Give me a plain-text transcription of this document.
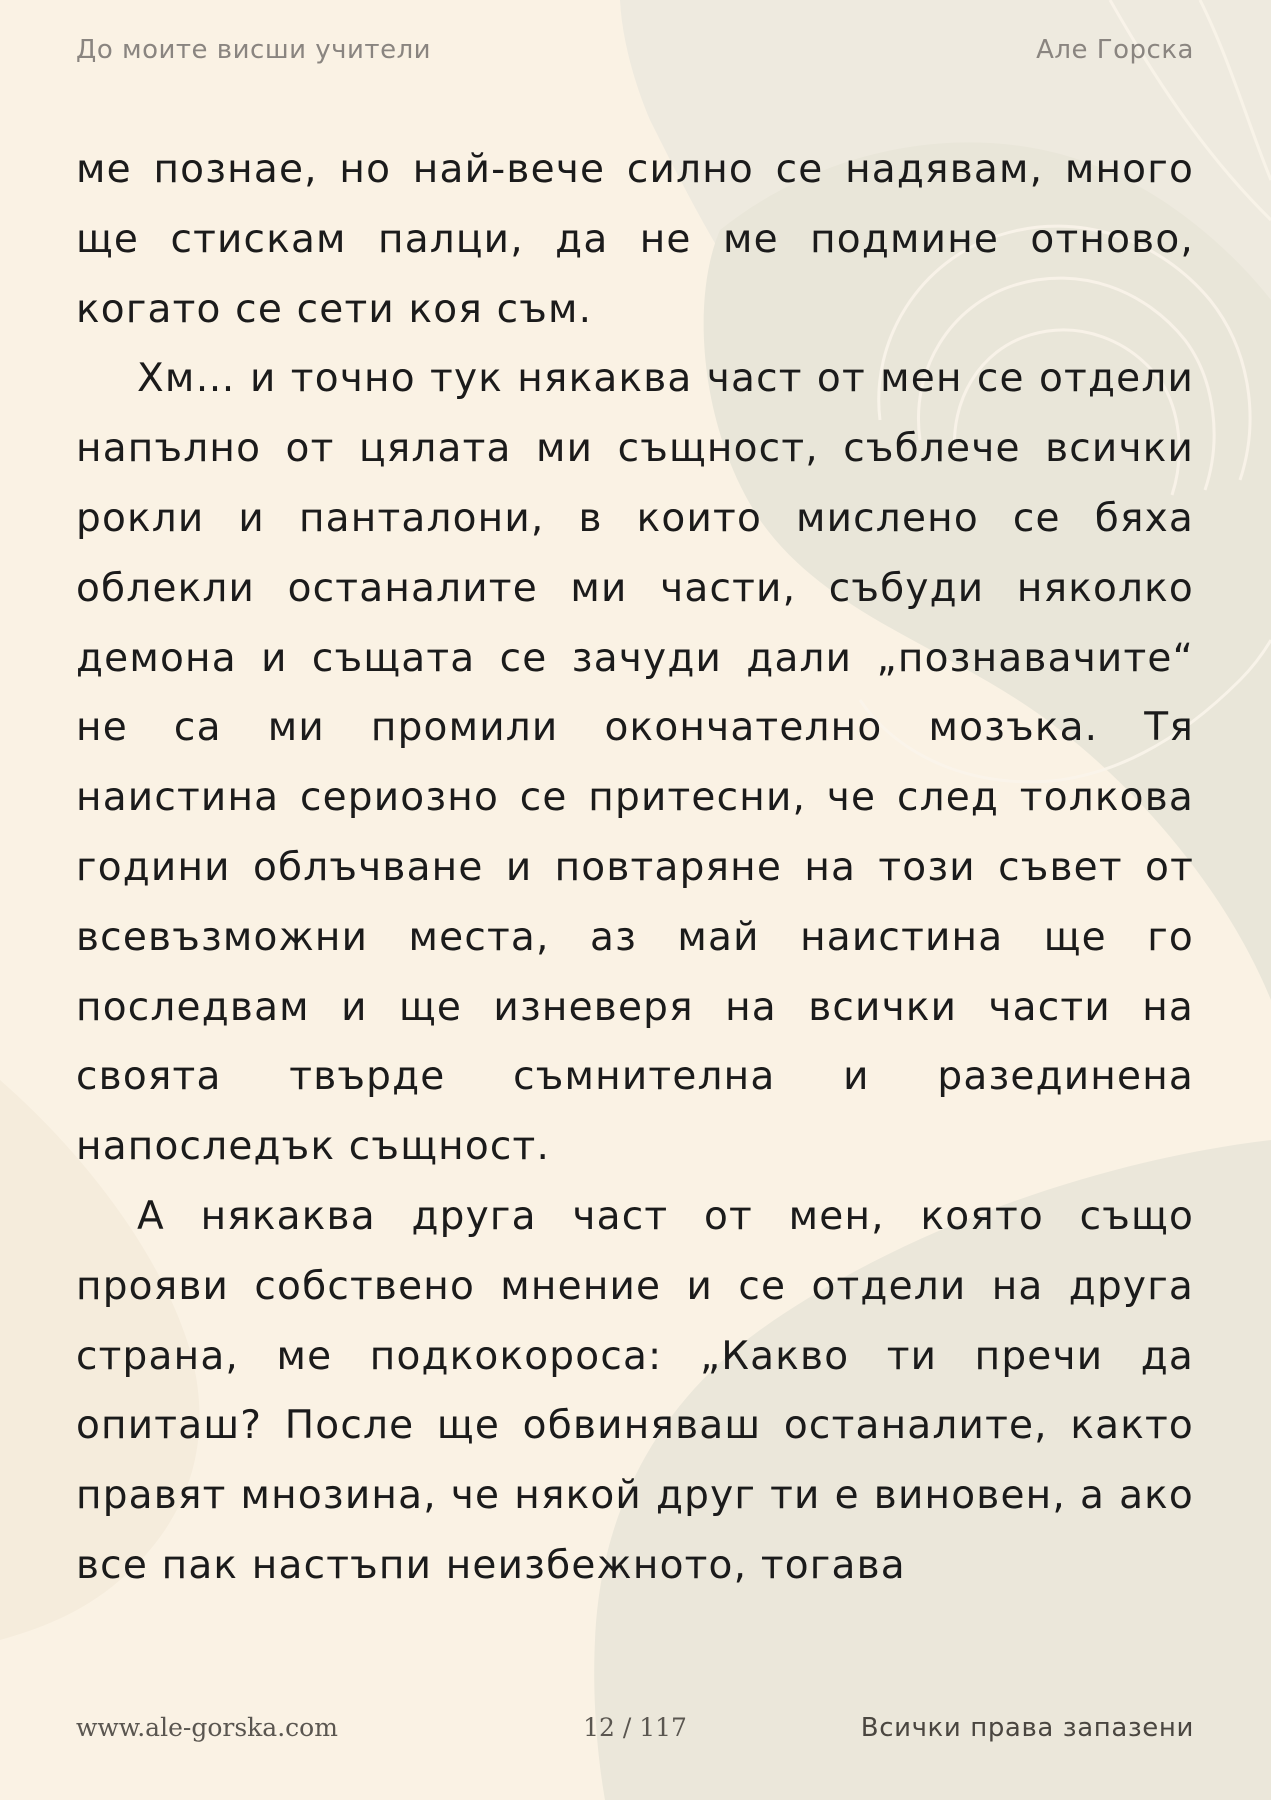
До моите висши учители	Але Горска

ме познае, но най-вече силно се надявам, много ще стискам палци, да не ме подмине отново, когато се сети коя съм.

Хм… и точно тук някаква част от мен се отдели напълно от цялата ми същност, съблече всички рокли и панталони, в които мислено се бяха облекли останалите ми части, събуди няколко демона и същата се зачуди дали „познавачите“ не са ми промили окончателно мозъка. Тя наистина сериозно се притесни, че след толкова години облъчване и повтаряне на този съвет от всевъзможни места, аз май наистина ще го последвам и ще изневеря на всички части на своята твърде съмнителна и разединена напоследък същност.

А някаква друга част от мен, която също прояви собствено мнение и се отдели на друга страна, ме подкокороса: „Какво ти пречи да опиташ? После ще обвиняваш останалите, както правят мнозина, че някой друг ти е виновен, а ако все пак настъпи неизбежното, тогава

www.ale-gorska.com	12 / 117	Всички права запазени
